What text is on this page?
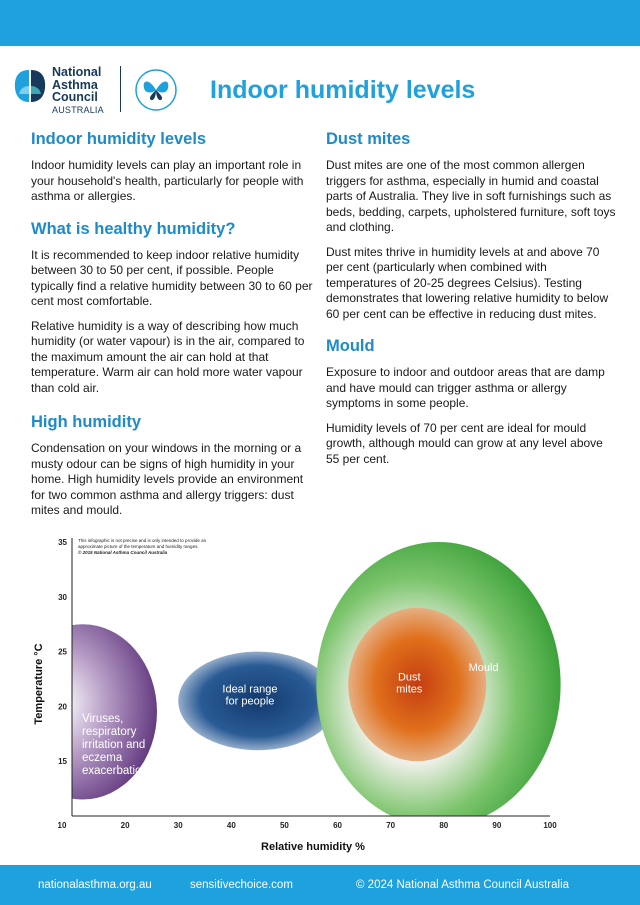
National
Asthma
Council
AUSTRALIA
Indoor humidity levels
Indoor humidity levels

Indoor humidity levels can play an important role in your household's health, particularly for people with asthma or allergies.

What is healthy humidity?

It is recommended to keep indoor relative humidity between 30 to 50 per cent, if possible. People typically find a relative humidity between 30 to 60 per cent most comfortable.

Relative humidity is a way of describing how much humidity (or water vapour) is in the air, compared to the maximum amount the air can hold at that temperature. Warm air can hold more water vapour than cold air.

High humidity

Condensation on your windows in the morning or a musty odour can be signs of high humidity in your home. High humidity levels provide an environment for two common asthma and allergy triggers: dust mites and mould.

Dust mites

Dust mites are one of the most common allergen triggers for asthma, especially in humid and coastal parts of Australia. They live in soft furnishings such as beds, bedding, carpets, upholstered furniture, soft toys and clothing.

Dust mites thrive in humidity levels at and above 70 per cent (particularly when combined with temperatures of 20-25 degrees Celsius). Testing demonstrates that lowering relative humidity to below 60 per cent can be effective in reducing dust mites.

Mould

Exposure to indoor and outdoor areas that are damp and have mould can trigger asthma or allergy symptoms in some people.

Humidity levels of 70 per cent are ideal for mould growth, although mould can grow at any level above 55 per cent.

10	20	30	40	50	60	70	80	90	100
15
20
25
30
35 This infographic is not precise and is only intended to provide an
approximate picture of the temperature and humidity ranges.
© 2015 National Asthma Council Australia
Relative humidity %
Temperature °C	Viruses, respiratory irritation and eczema exacerbation
Ideal range for people
Mould
Dust mites
nationalasthma.org.au	sensitivechoice.com	© 2024 National Asthma Council Australia
